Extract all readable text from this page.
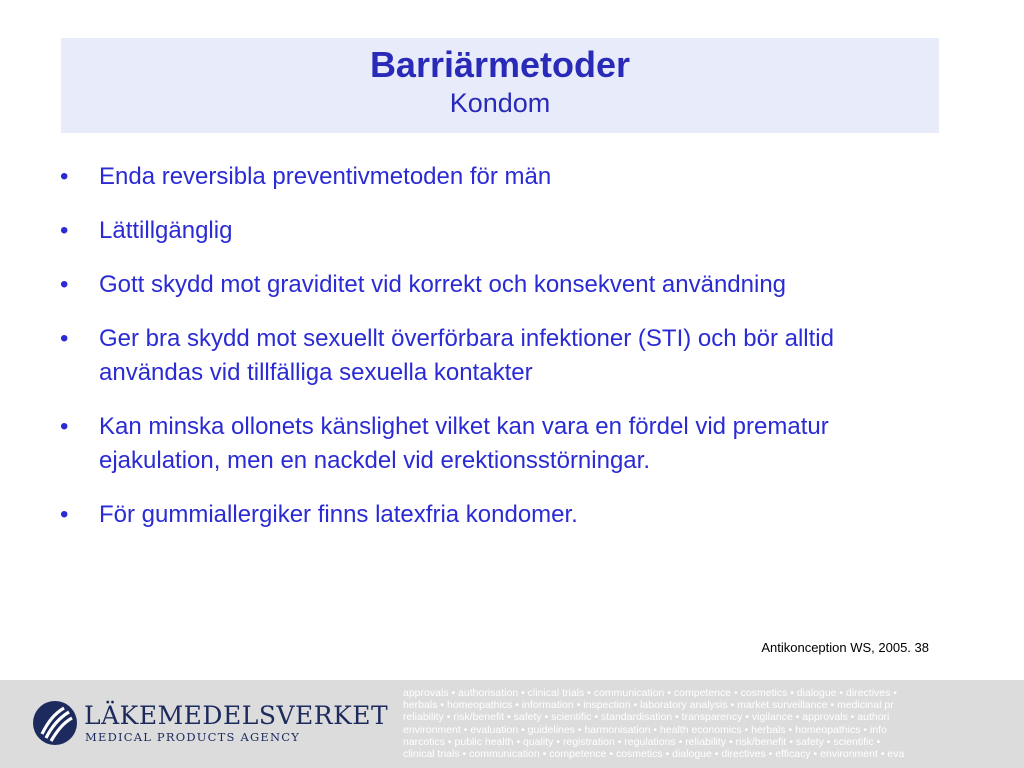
Barriärmetoder
Kondom
• Enda reversibla preventivmetoden för män
• Lättillgänglig
• Gott skydd mot graviditet vid korrekt och konsekvent användning
• Ger bra skydd mot sexuellt överförbara infektioner (STI) och bör alltid användas vid tillfälliga sexuella kontakter
• Kan minska ollonets känslighet vilket kan vara en fördel vid prematur ejakulation, men en nackdel vid erektionsstörningar.
• För gummiallergiker finns latexfria kondomer.
Antikonception WS, 2005. 38
LÄKEMEDELSVERKET
MEDICAL PRODUCTS AGENCY
approvals • authorisation • clinical trials • communication • competence • cosmetics • dialogue • directives •
herbals • homeopathics • information • inspection • laboratory analysis • market surveillance • medicinal pr
reliability • risk/benefit • safety • scientific • standardisation • transparency • vigilance • approvals • authori
environment • evaluation • guidelines • harmonisation • health economics • herbals • homeopathics • info
narcotics • public health • quality • registration • regulations • reliability • risk/benefit • safety • scientific •
clinical trials • communication • competence • cosmetics • dialogue • directives • efficacy • environment • eva
